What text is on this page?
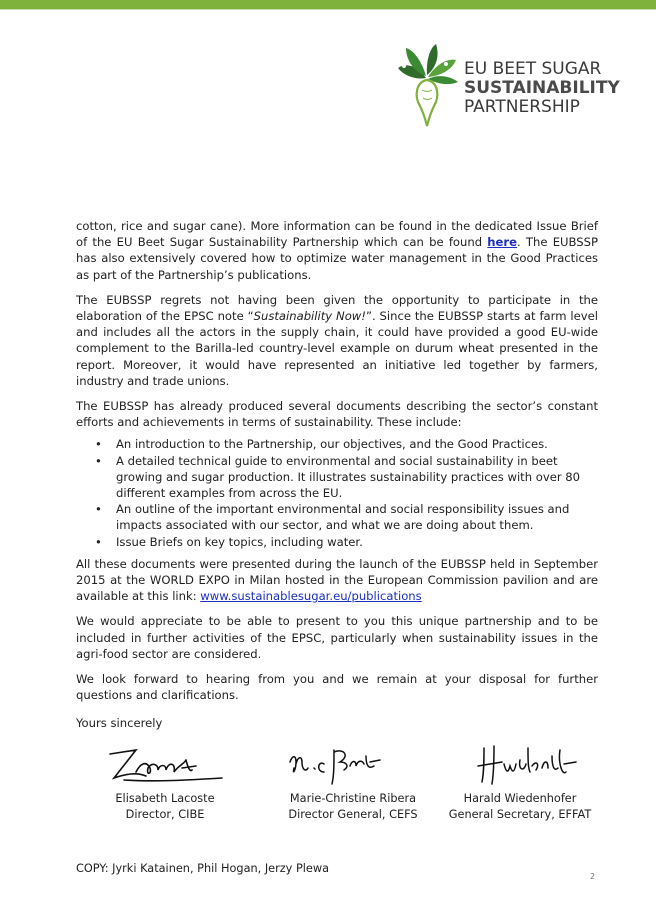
EU BEET SUGAR
SUSTAINABILITY
PARTNERSHIP

cotton, rice and sugar cane). More information can be found in the dedicated Issue Brief of the EU Beet Sugar Sustainability Partnership which can be found here. The EUBSSP has also extensively covered how to optimize water management in the Good Practices as part of the Partnership’s publications.

The EUBSSP regrets not having been given the opportunity to participate in the elaboration of the EPSC note “Sustainability Now!”. Since the EUBSSP starts at farm level and includes all the actors in the supply chain, it could have provided a good EU-wide complement to the Barilla-led country-level example on durum wheat presented in the report. Moreover, it would have represented an initiative led together by farmers, industry and trade unions.

The EUBSSP has already produced several documents describing the sector’s constant efforts and achievements in terms of sustainability. These include:

• An introduction to the Partnership, our objectives, and the Good Practices.
• A detailed technical guide to environmental and social sustainability in beet growing and sugar production. It illustrates sustainability practices with over 80 different examples from across the EU.
• An outline of the important environmental and social responsibility issues and impacts associated with our sector, and what we are doing about them.
• Issue Briefs on key topics, including water.

All these documents were presented during the launch of the EUBSSP held in September 2015 at the WORLD EXPO in Milan hosted in the European Commission pavilion and are available at this link: www.sustainablesugar.eu/publications

We would appreciate to be able to present to you this unique partnership and to be included in further activities of the EPSC, particularly when sustainability issues in the agri-food sector are considered.

We look forward to hearing from you and we remain at your disposal for further questions and clarifications.

Yours sincerely
Elisabeth Lacoste
Director, CIBE
Marie-Christine Ribera
Director General, CEFS
Harald Wiedenhofer
General Secretary, EFFAT
COPY: Jyrki Katainen, Phil Hogan, Jerzy Plewa
2
